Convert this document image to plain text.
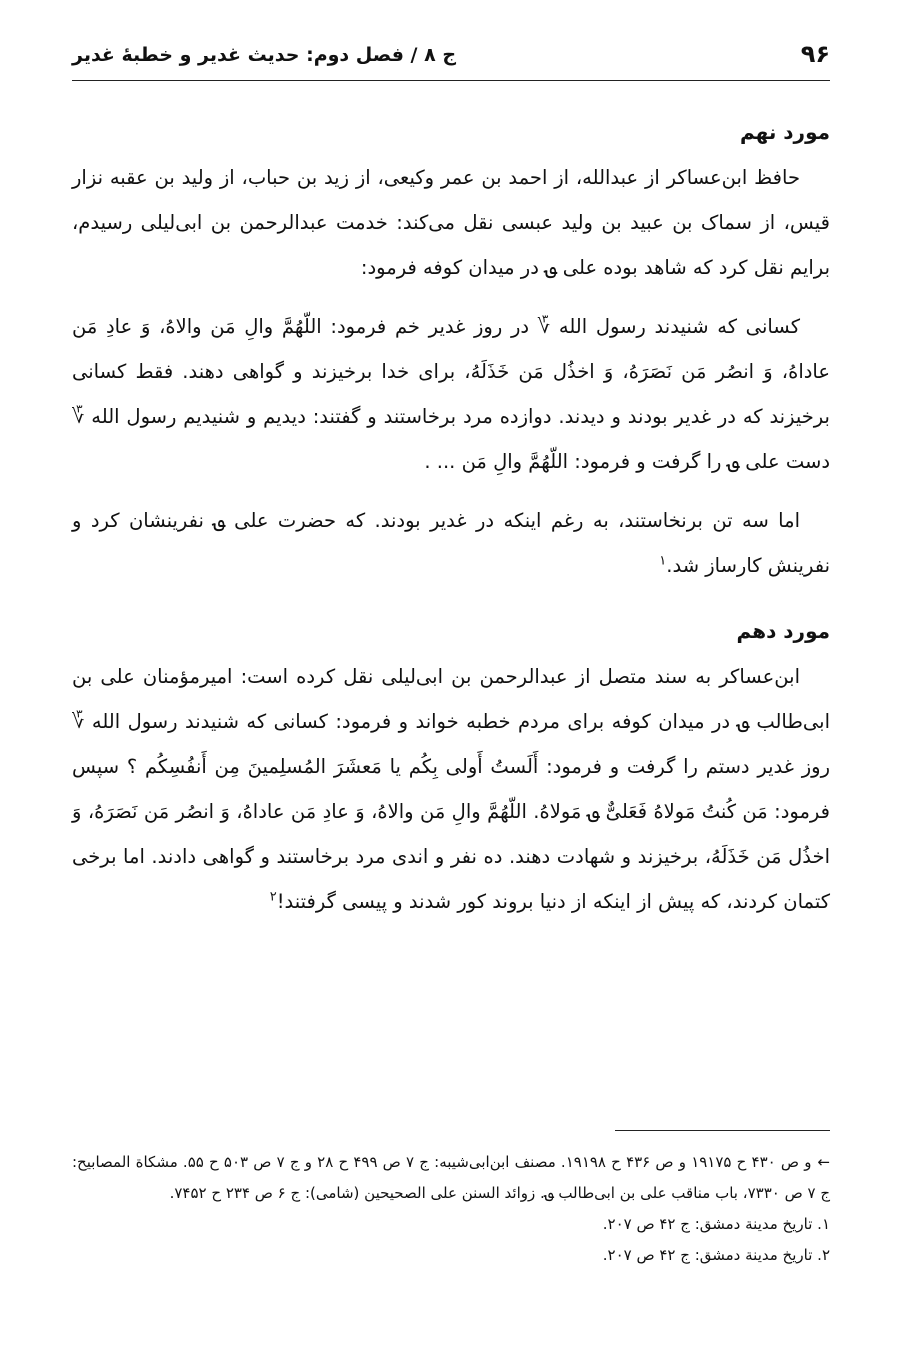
۹۶
ج ۸ / فصل دوم: حدیث غدیر و خطبۀ غدیر
مورد نهم

حافظ ابن‌عساکر از عبدالله، از احمد بن عمر وکیعی، از زید بن حباب، از ولید بن عقبه نزار قیس، از سماک بن عبید بن ولید عبسی نقل می‌کند: خدمت عبدالرحمن بن ابی‌لیلی رسیدم، برایم نقل کرد که شاهد بوده علی ؈ در میدان کوفه فرمود:

کسانی که شنیدند رسول الله ؆ در روز غدیر خم فرمود: اللّهُمَّ والِ مَن والاهُ، وَ عادِ مَن عاداهُ، وَ انصُر مَن نَصَرَهُ، وَ اخذُل مَن خَذَلَهُ، برای خدا برخیزند و گواهی دهند. فقط کسانی برخیزند که در غدیر بودند و دیدند. دوازده مرد برخاستند و گفتند: دیدیم و شنیدیم رسول الله ؆ دست علی ؈ را گرفت و فرمود: اللّهُمَّ والِ مَن ... .

اما سه تن برنخاستند، به رغم اینکه در غدیر بودند. که حضرت علی ؈ نفرینشان کرد و نفرینش کارساز شد.$^۱$

مورد دهم

ابن‌عساکر به سند متصل از عبدالرحمن بن ابی‌لیلی نقل کرده است: امیرمؤمنان علی بن ابی‌طالب ؈ در میدان کوفه برای مردم خطبه خواند و فرمود: کسانی که شنیدند رسول الله ؆ روز غدیر دستم را گرفت و فرمود: أَلَستُ أَولی بِکُم یا مَعشَرَ المُسلِمینَ مِن أَنفُسِکُم ؟ سپس فرمود: مَن کُنتُ مَولاهُ فَعَلیٌّ ؈ مَولاهُ. اللّهُمَّ والِ مَن والاهُ، وَ عادِ مَن عاداهُ، وَ انصُر مَن نَصَرَهُ، وَ اخذُل مَن خَذَلَهُ، برخیزند و شهادت دهند. ده نفر و اندی مرد برخاستند و گواهی دادند. اما برخی کتمان کردند، که پیش از اینکه از دنیا بروند کور شدند و پیسی گرفتند!$^۲$

←و ص ۴۳۰ ح ۱۹۱۷۵ و ص ۴۳۶ ح ۱۹۱۹۸. مصنف ابن‌ابی‌شیبه: ج ۷ ص ۴۹۹ ح ۲۸ و ج ۷ ص ۵۰۳ ح ۵۵. مشکاة المصابیح: ج ۷ ص ۷۳۳۰، باب مناقب علی بن ابی‌طالب ؈. زوائد السنن علی الصحیحین (شامی): ج ۶ ص ۲۳۴ ح ۷۴۵۲.

۱. تاریخ مدینة دمشق: ج ۴۲ ص ۲۰۷.

۲. تاریخ مدینة دمشق: ج ۴۲ ص ۲۰۷.
